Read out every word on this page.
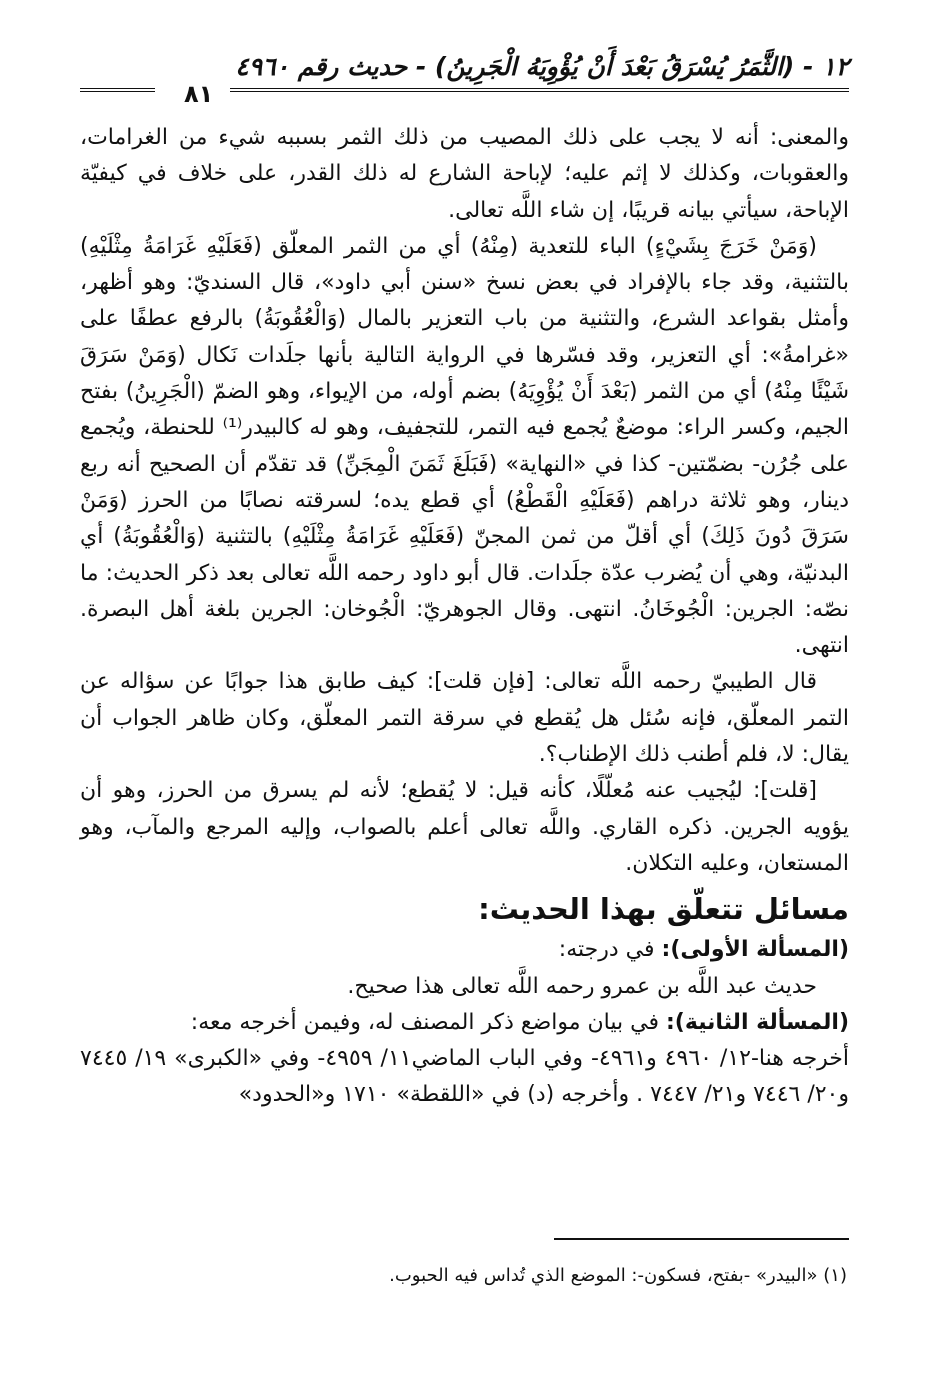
١٢ - (الثَّمَرُ يُسْرَقُ بَعْدَ أَنْ يُؤْوِيَهُ الْجَرِينُ) - حديث رقم ٤٩٦٠
٨١

والمعنى: أنه لا يجب على ذلك المصيب من ذلك الثمر بسببه شيء من الغرامات، والعقوبات، وكذلك لا إثم عليه؛ لإباحة الشارع له ذلك القدر، على خلاف في كيفيّة الإباحة، سيأتي بيانه قريبًا، إن شاء اللَّه تعالى.

(وَمَنْ خَرَجَ بِشَيْءٍ) الباء للتعدية (مِنْهُ) أي من الثمر المعلّق (فَعَلَيْهِ غَرَامَةُ مِثْلَيْهِ) بالتثنية، وقد جاء بالإفراد في بعض نسخ «سنن أبي داود»، قال السنديّ: وهو أظهر، وأمثل بقواعد الشرع، والتثنية من باب التعزير بالمال (وَالْعُقُوبَةُ) بالرفع عطفًا على «غرامةُ»: أي التعزير، وقد فسّرها في الرواية التالية بأنها جلَدات نَكال (وَمَنْ سَرَقَ شَيْئًا مِنْهُ) أي من الثمر (بَعْدَ أَنْ يُؤْوِيَهُ) بضم أوله، من الإيواء، وهو الضمّ (الْجَرِينُ) بفتح الجيم، وكسر الراء: موضعٌ يُجمع فيه التمر، للتجفيف، وهو له كالبيدر⁽¹⁾ للحنطة، ويُجمع على جُرُن- بضمّتين- كذا في «النهاية» (فَبَلَغَ ثَمَنَ الْمِجَنِّ) قد تقدّم أن الصحيح أنه ربع دينار، وهو ثلاثة دراهم (فَعَلَيْهِ الْقَطْعُ) أي قطع يده؛ لسرقته نصابًا من الحرز (وَمَنْ سَرَقَ دُونَ ذَلِكَ) أي أقلّ من ثمن المجنّ (فَعَلَيْهِ غَرَامَةُ مِثْلَيْهِ) بالتثنية (وَالْعُقُوبَةُ) أي البدنيّة، وهي أن يُضرب عدّة جلَدات. قال أبو داود رحمه اللَّه تعالى بعد ذكر الحديث: ما نصّه: الجرين: الْجُوخَانُ. انتهى. وقال الجوهريّ: الْجُوخان: الجرين بلغة أهل البصرة. انتهى.

قال الطيبيّ رحمه اللَّه تعالى: [فإن قلت]: كيف طابق هذا جوابًا عن سؤاله عن التمر المعلّق، فإنه سُئل هل يُقطع في سرقة التمر المعلّق، وكان ظاهر الجواب أن يقال: لا، فلم أطنب ذلك الإطناب؟.

[قلت]: ليُجيب عنه مُعلّلًا، كأنه قيل: لا يُقطع؛ لأنه لم يسرق من الحرز، وهو أن يؤويه الجرين. ذكره القاري. واللَّه تعالى أعلم بالصواب، وإليه المرجع والمآب، وهو المستعان، وعليه التكلان.

مسائل تتعلّق بهذا الحديث:

(المسألة الأولى): في درجته:

حديث عبد اللَّه بن عمرو رحمه اللَّه تعالى هذا صحيح.

(المسألة الثانية): في بيان مواضع ذكر المصنف له، وفيمن أخرجه معه:

أخرجه هنا-١٢/ ٤٩٦٠ و٤٩٦١- وفي الباب الماضي١١/ ٤٩٥٩- وفي «الكبرى» ١٩/ ٧٤٤٥ و٢٠/ ٧٤٤٦ و٢١/ ٧٤٤٧ . وأخرجه (د) في «اللقطة» ١٧١٠ و«الحدود»

(١) «البيدر» -بفتح، فسكون-: الموضع الذي تُداس فيه الحبوب.
